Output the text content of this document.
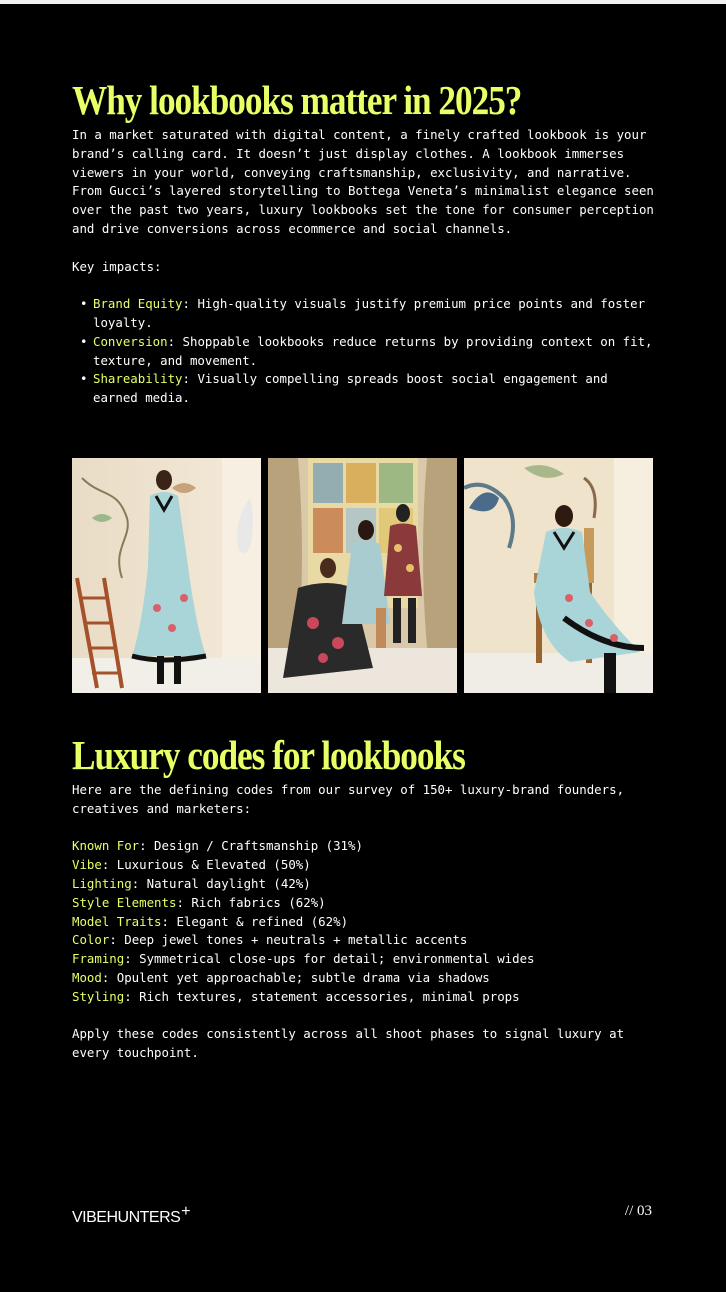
Why lookbooks matter in 2025?

In a market saturated with digital content, a finely crafted lookbook is your brand’s calling card. It doesn’t just display clothes. A lookbook immerses viewers in your world, conveying craftsmanship, exclusivity, and narrative. From Gucci’s layered storytelling to Bottega Veneta’s minimalist elegance seen over the past two years, luxury lookbooks set the tone for consumer perception and drive conversions across ecommerce and social channels.

Key impacts:

• Brand Equity: High-quality visuals justify premium price points and foster loyalty.
• Conversion: Shoppable lookbooks reduce returns by providing context on fit, texture, and movement.
• Shareability: Visually compelling spreads boost social engagement and earned media.
Luxury codes for lookbooks

Here are the defining codes from our survey of 150+ luxury-brand founders, creatives and marketers:

Known For: Design / Craftsmanship (31%)
Vibe: Luxurious & Elevated (50%)
Lighting: Natural daylight (42%)
Style Elements: Rich fabrics (62%)
Model Traits: Elegant & refined (62%)
Color: Deep jewel tones + neutrals + metallic accents
Framing: Symmetrical close-ups for detail; environmental wides
Mood: Opulent yet approachable; subtle drama via shadows
Styling: Rich textures, statement accessories, minimal props

Apply these codes consistently across all shoot phases to signal luxury at every touchpoint.

VIBEHUNTERS+	// 03
